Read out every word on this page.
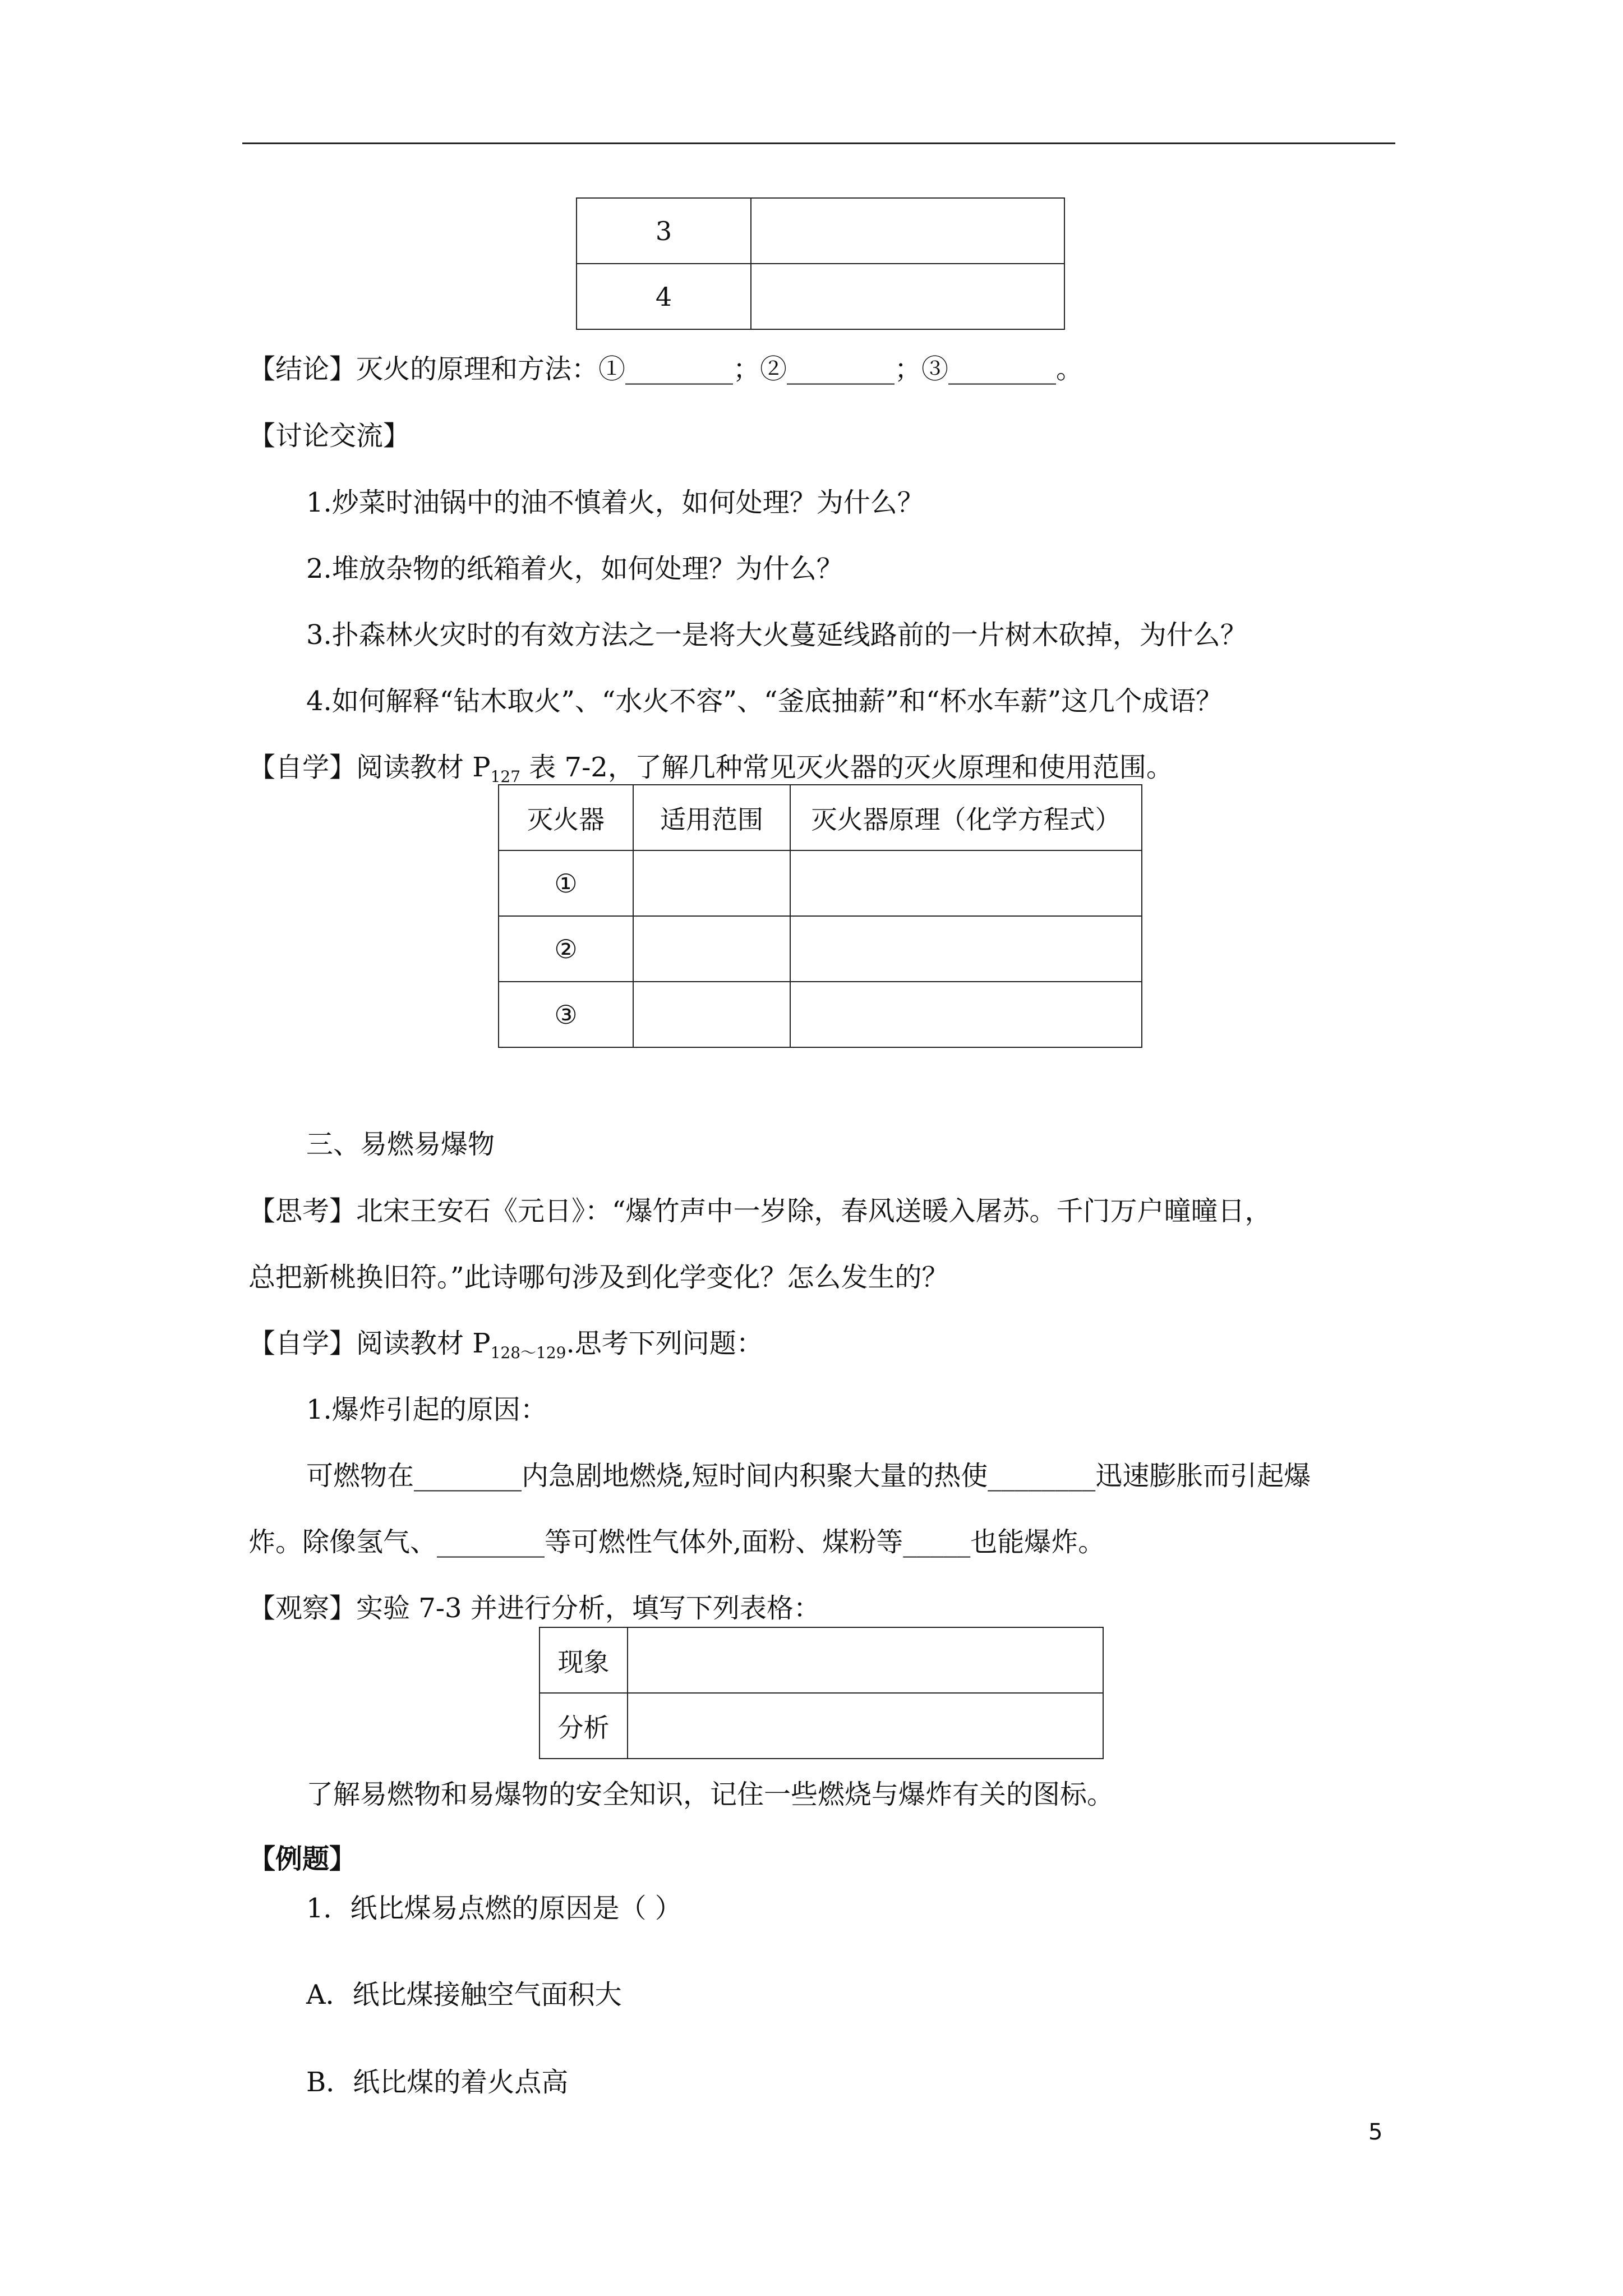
3	
4	
【结论】灭火的原理和方法：①________；②________；③________。
【讨论交流】
1.炒菜时油锅中的油不慎着火，如何处理？为什么？
2.堆放杂物的纸箱着火，如何处理？为什么？
3.扑森林火灾时的有效方法之一是将大火蔓延线路前的一片树木砍掉，为什么？
4.如何解释“钻木取火”、“水火不容”、“釜底抽薪”和“杯水车薪”这几个成语？
【自学】阅读教材 $P_{127}$ 表 7-2，了解几种常见灭火器的灭火原理和使用范围。
灭火器	适用范围	灭火器原理（化学方程式）
①		
②		
③		
三、易燃易爆物
【思考】北宋王安石《元日》：“爆竹声中一岁除，春风送暖入屠苏。千门万户曈曈日，
总把新桃换旧符。”此诗哪句涉及到化学变化？怎么发生的？
【自学】阅读教材 $P_{128\sim 129}$.思考下列问题：
1.爆炸引起的原因：
可燃物在________内急剧地燃烧,短时间内积聚大量的热使________迅速膨胀而引起爆
炸。除像氢气、________等可燃性气体外,面粉、煤粉等_____也能爆炸。
【观察】实验 7-3 并进行分析，填写下列表格：
现象	
分析	
了解易燃物和易爆物的安全知识，记住一些燃烧与爆炸有关的图标。
【例题】
1．纸比煤易点燃的原因是（ ）
A．纸比煤接触空气面积大
B．纸比煤的着火点高
5
